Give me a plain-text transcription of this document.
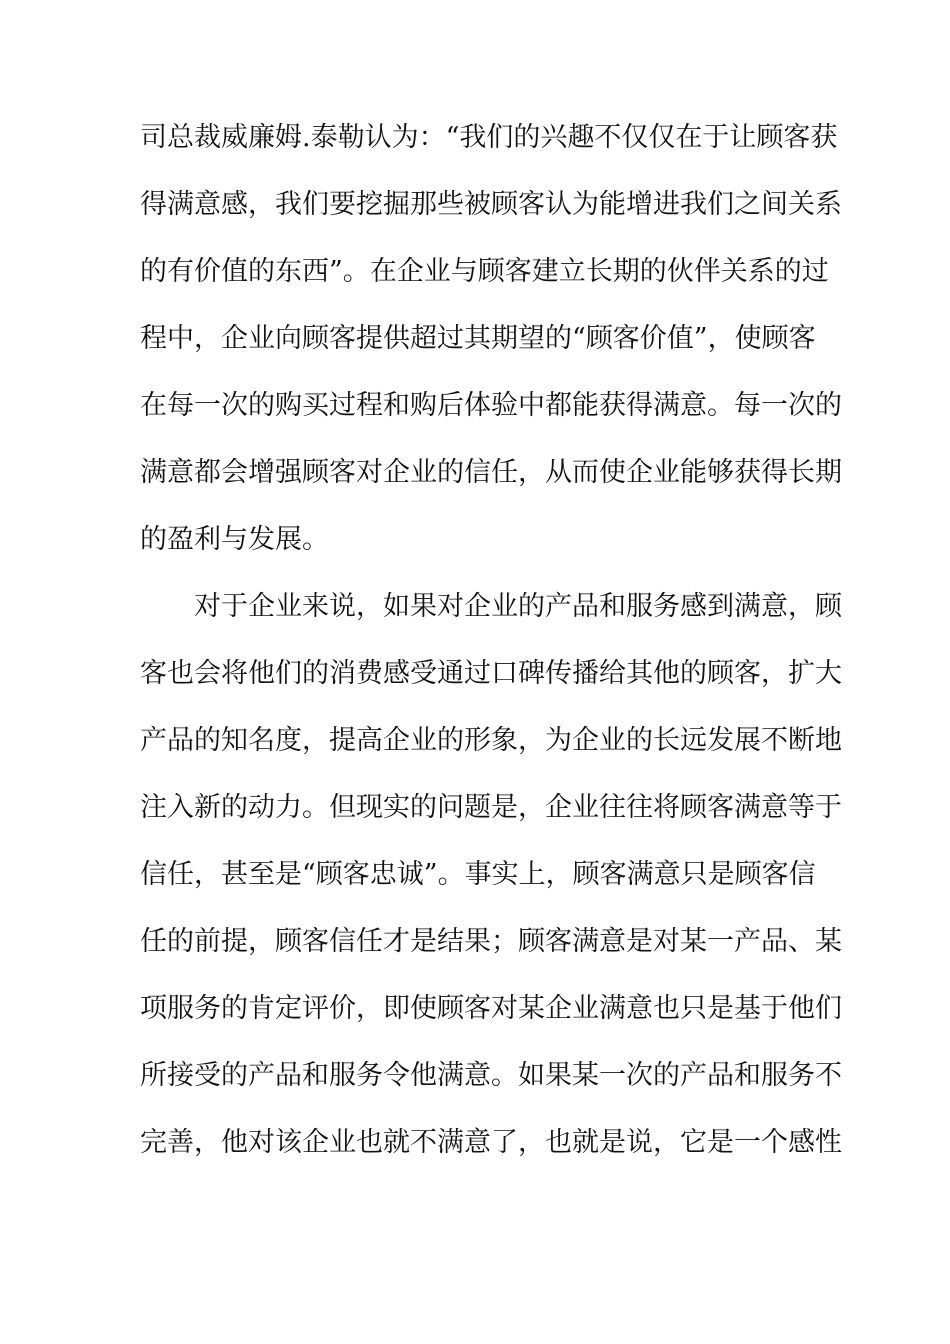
司总裁威廉姆.泰勒认为：“我们的兴趣不仅仅在于让顾客获
得满意感，我们要挖掘那些被顾客认为能增进我们之间关系
的有价值的东西”。在企业与顾客建立长期的伙伴关系的过
程中，企业向顾客提供超过其期望的“顾客价值”，使顾客
在每一次的购买过程和购后体验中都能获得满意。每一次的
满意都会增强顾客对企业的信任，从而使企业能够获得长期
的盈利与发展。
对于企业来说，如果对企业的产品和服务感到满意，顾
客也会将他们的消费感受通过口碑传播给其他的顾客，扩大
产品的知名度，提高企业的形象，为企业的长远发展不断地
注入新的动力。但现实的问题是，企业往往将顾客满意等于
信任，甚至是“顾客忠诚”。事实上，顾客满意只是顾客信
任的前提，顾客信任才是结果；顾客满意是对某一产品、某
项服务的肯定评价，即使顾客对某企业满意也只是基于他们
所接受的产品和服务令他满意。如果某一次的产品和服务不
完善，他对该企业也就不满意了，也就是说，它是一个感性
